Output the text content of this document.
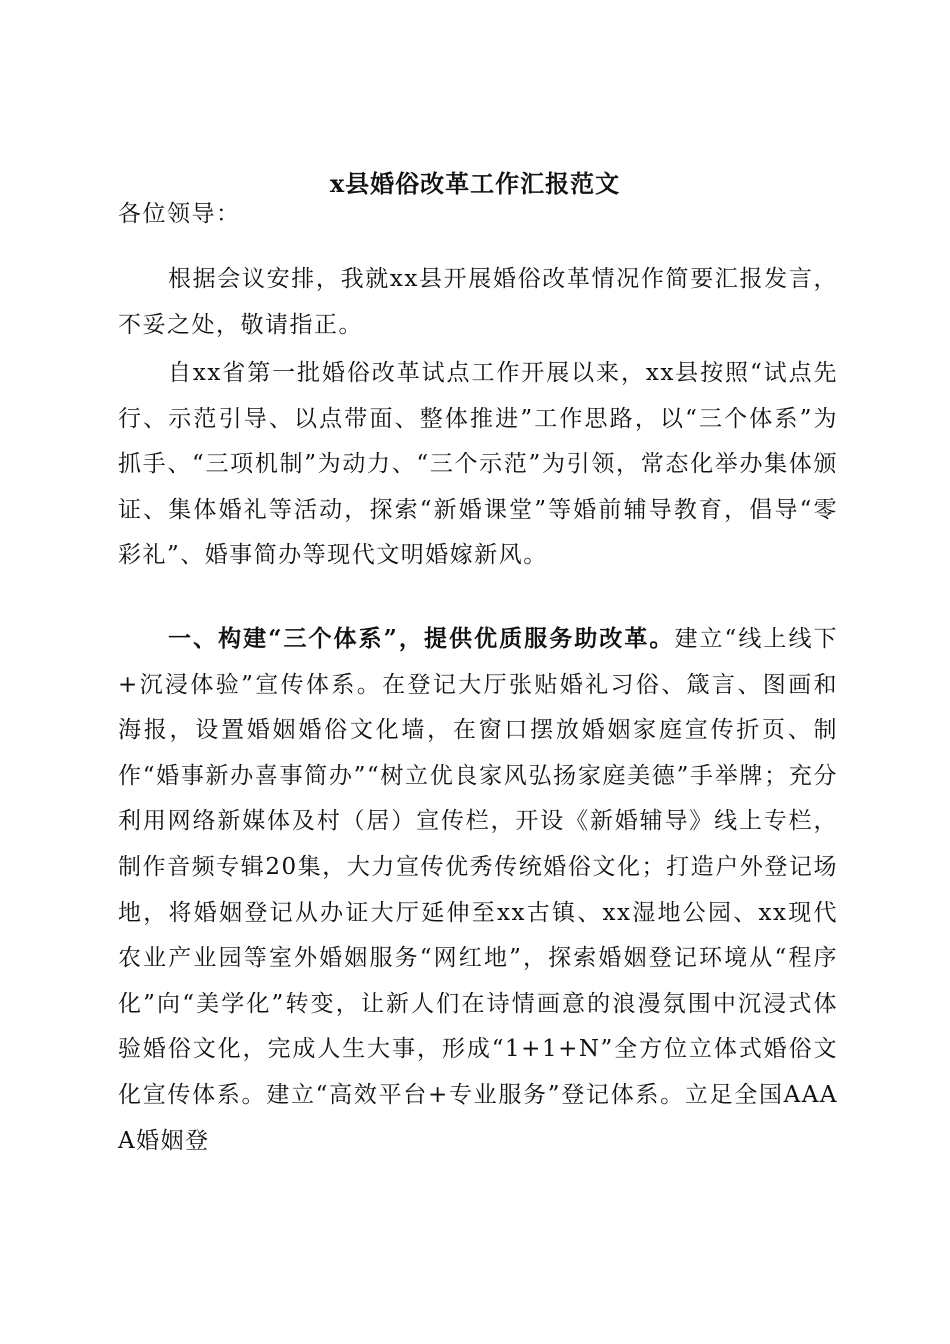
x县婚俗改革工作汇报范文
各位领导：

根据会议安排，我就xx县开展婚俗改革情况作简要汇报发言，不妥之处，敬请指正。

自xx省第一批婚俗改革试点工作开展以来，xx县按照“试点先行、示范引导、以点带面、整体推进”工作思路，以“三个体系”为抓手、“三项机制”为动力、“三个示范”为引领，常态化举办集体颁证、集体婚礼等活动，探索“新婚课堂”等婚前辅导教育，倡导“零彩礼”、婚事简办等现代文明婚嫁新风。

一、构建“三个体系”，提供优质服务助改革。建立“线上线下+沉浸体验”宣传体系。在登记大厅张贴婚礼习俗、箴言、图画和海报，设置婚姻婚俗文化墙，在窗口摆放婚姻家庭宣传折页、制作“婚事新办喜事简办”“树立优良家风弘扬家庭美德”手举牌；充分利用网络新媒体及村（居）宣传栏，开设《新婚辅导》线上专栏，制作音频专辑20集，大力宣传优秀传统婚俗文化；打造户外登记场地，将婚姻登记从办证大厅延伸至xx古镇、xx湿地公园、xx现代农业产业园等室外婚姻服务“网红地”，探索婚姻登记环境从“程序化”向“美学化”转变，让新人们在诗情画意的浪漫氛围中沉浸式体验婚俗文化，完成人生大事，形成“1+1+N”全方位立体式婚俗文化宣传体系。建立“高效平台+专业服务”登记体系。立足全国AAAA婚姻登
